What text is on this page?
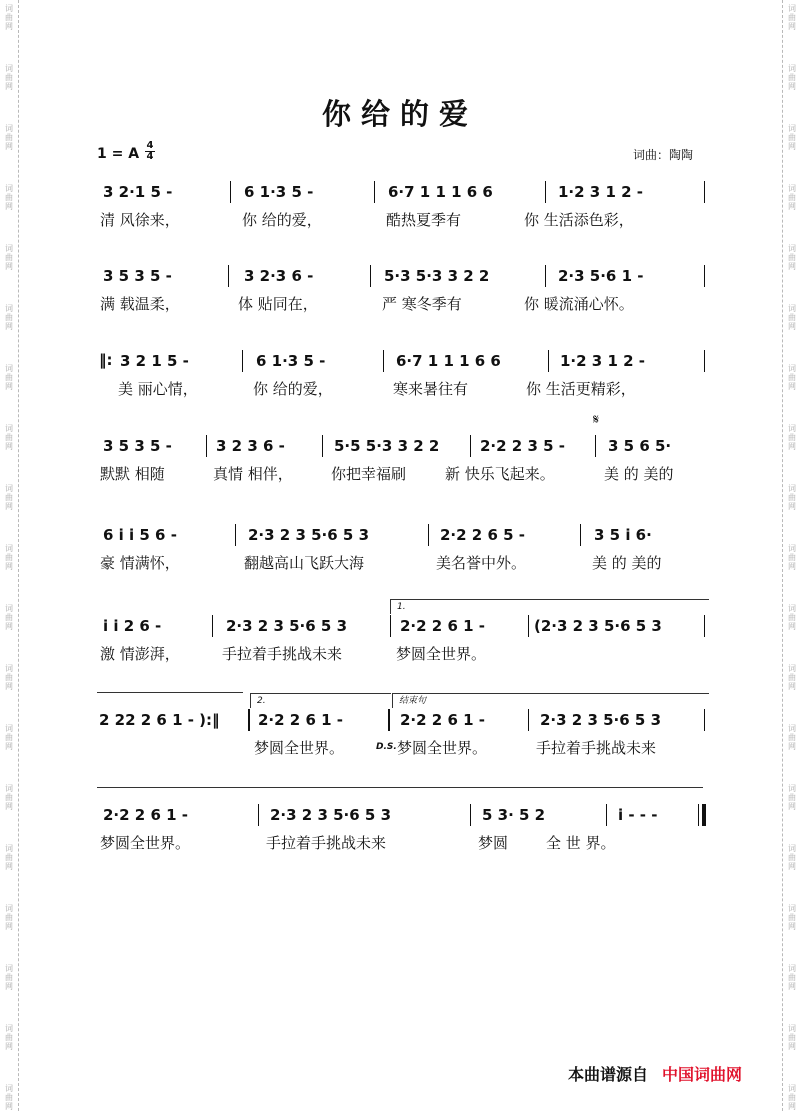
词
曲
网
词
曲
网
词
曲
网
词
曲
网
词
曲
网
词
曲
网
词
曲
网
词
曲
网
词
曲
网
词
曲
网
词
曲
网
词
曲
网
词
曲
网
词
曲
网
词
曲
网
词
曲
网
词
曲
网
词
曲
网
词
曲
网
词
曲
网
词
曲
网
词
曲
网
词
曲
网
词
曲
网
词
曲
网
词
曲
网
词
曲
网
词
曲
网
词
曲
网
词
曲
网
词
曲
网
词
曲
网
词
曲
网
词
曲
网
词
曲
网
词
曲
网
词
曲
网
词
曲
网
你给的爱
1 = A $\frac{4}{4}$	词曲：陶陶
3 2·1 5 -	6 1·3 5 -	6·7 1 1 1 6 6	1·2 3 1 2 -
清 风徐来，	你 给的爱，	酷热夏季有	你 生活添色彩，
3 5 3 5 -	3 2·3 6 -	5·3 5·3 3 2 2	2·3 5·6 1 -
满 载温柔，	体 贴同在，	严 寒冬季有	你 暖流涌心怀。
‖: 3 2 1 5 -	6 1·3 5 -	6·7 1 1 1 6 6	1·2 3 1 2 -
美 丽心情，	你 给的爱，	寒来暑往有	你 生活更精彩，
𝄋
3 5 3 5 -	3 2 3 6 -	5·5 5·3 3 2 2	2·2 2 3 5 -	3 5 6 5·
默默 相随	真情 相伴，	你把幸福刷	新 快乐飞起来。	美 的 美的
6 i i 5 6 -	2·3 2 3 5·6 5 3	2·2 2 6 5 -	3 5 i 6·
豪 情满怀，	翻越高山飞跃大海	美名誉中外。	美 的 美的
1.
i i 2 6 -	2·3 2 3 5·6 5 3	2·2 2 6 1 -	(2·3 2 3 5·6 5 3
激 情澎湃，	手拉着手挑战未来	梦圆全世界。
2.	结束句
2 22 2 6 1 - ):‖	2·2 2 6 1 -	2·2 2 6 1 -	2·3 2 3 5·6 5 3
梦圆全世界。	D.S. 梦圆全世界。	手拉着手挑战未来
2·2 2 6 1 -	2·3 2 3 5·6 5 3	5 3· 5 2	i - - -
梦圆全世界。	手拉着手挑战未来	梦圆	全 世 界。
本曲谱源自 中国词曲网
